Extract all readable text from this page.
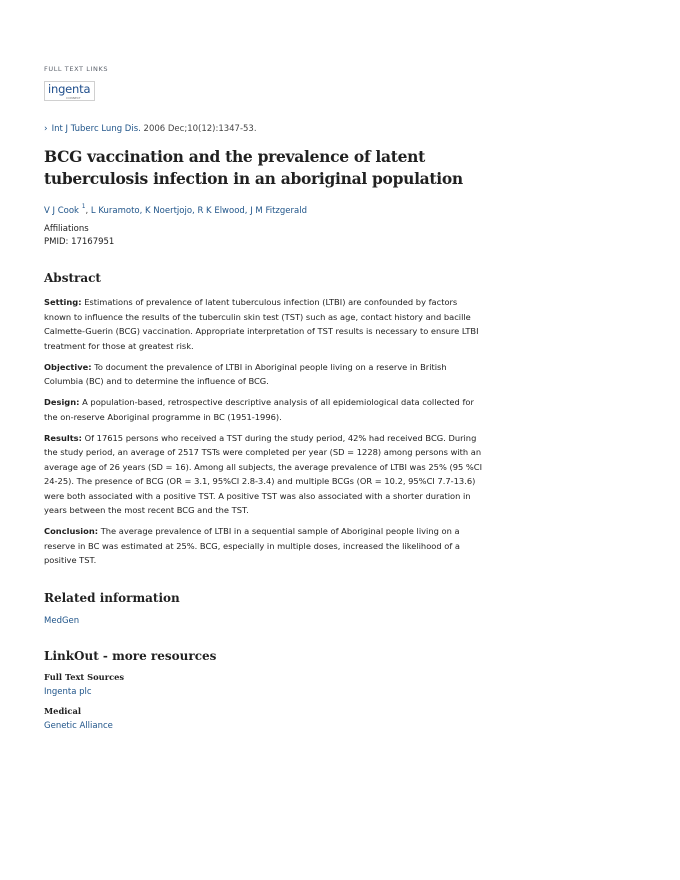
FULL TEXT LINKS
ingenta
CONNECT
› Int J Tuberc Lung Dis. 2006 Dec;10(12):1347-53.
BCG vaccination and the prevalence of latent tuberculosis infection in an aboriginal population
V J Cook $^1$, L Kuramoto, K Noertjojo, R K Elwood, J M Fitzgerald
Affiliations
PMID: 17167951
Abstract

Setting: Estimations of prevalence of latent tuberculous infection (LTBI) are confounded by factors known to influence the results of the tuberculin skin test (TST) such as age, contact history and bacille Calmette-Guerin (BCG) vaccination. Appropriate interpretation of TST results is necessary to ensure LTBI treatment for those at greatest risk.

Objective: To document the prevalence of LTBI in Aboriginal people living on a reserve in British Columbia (BC) and to determine the influence of BCG.

Design: A population-based, retrospective descriptive analysis of all epidemiological data collected for the on-reserve Aboriginal programme in BC (1951-1996).

Results: Of 17615 persons who received a TST during the study period, 42% had received BCG. During the study period, an average of 2517 TSTs were completed per year (SD = 1228) among persons with an average age of 26 years (SD = 16). Among all subjects, the average prevalence of LTBI was 25% (95 %CI 24-25). The presence of BCG (OR = 3.1, 95%CI 2.8-3.4) and multiple BCGs (OR = 10.2, 95%CI 7.7-13.6) were both associated with a positive TST. A positive TST was also associated with a shorter duration in years between the most recent BCG and the TST.

Conclusion: The average prevalence of LTBI in a sequential sample of Aboriginal people living on a reserve in BC was estimated at 25%. BCG, especially in multiple doses, increased the likelihood of a positive TST.

Related information
MedGen
LinkOut - more resources
Full Text Sources
Ingenta plc
Medical
Genetic Alliance
